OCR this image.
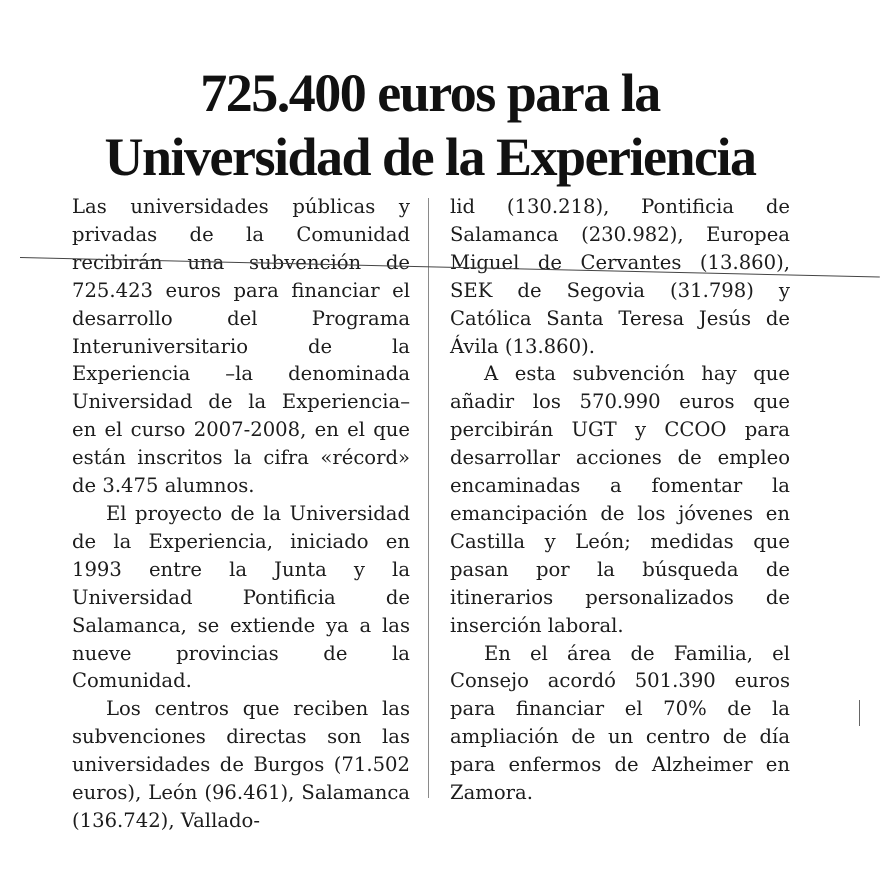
725.400 euros para la
Universidad de la Experiencia

Las universidades públicas y privadas de la Comunidad recibirán una subvención de 725.423 euros para financiar el desarrollo del Programa Interuniversitario de la Experiencia –la denominada Universidad de la Experiencia– en el curso 2007-2008, en el que están inscritos la cifra «récord» de 3.475 alumnos.

El proyecto de la Universidad de la Experiencia, iniciado en 1993 entre la Junta y la Universidad Pontificia de Salamanca, se extiende ya a las nueve provincias de la Comunidad.

Los centros que reciben las subvenciones directas son las universidades de Burgos (71.502 euros), León (96.461), Salamanca (136.742), Vallado-

lid (130.218), Pontificia de Salamanca (230.982), Europea Miguel de Cervantes (13.860), SEK de Segovia (31.798) y Católica Santa Teresa Jesús de Ávila (13.860).

A esta subvención hay que añadir los 570.990 euros que percibirán UGT y CCOO para desarrollar acciones de empleo encaminadas a fomentar la emancipación de los jóvenes en Castilla y León; medidas que pasan por la búsqueda de itinerarios personalizados de inserción laboral.

En el área de Familia, el Consejo acordó 501.390 euros para financiar el 70% de la ampliación de un centro de día para enfermos de Alzheimer en Zamora.
